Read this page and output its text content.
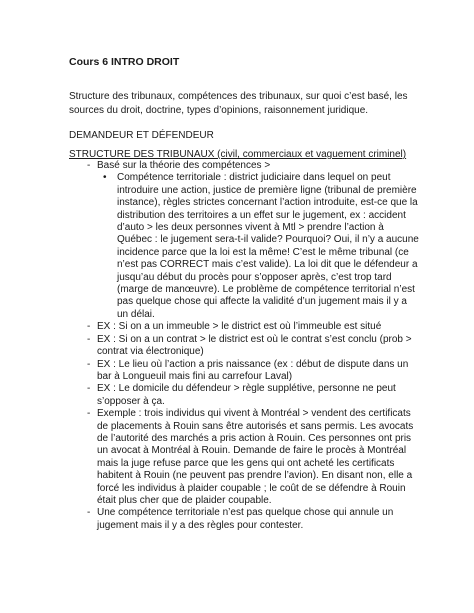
Cours 6 INTRO DROIT
Structure des tribunaux, compétences des tribunaux, sur quoi c’est basé, les sources du droit, doctrine, types d’opinions, raisonnement juridique.
DEMANDEUR ET DÉFENDEUR
STRUCTURE DES TRIBUNAUX (civil, commerciaux et vaguement criminel)
- Basé sur la théorie des compétences >
• Compétence territoriale : district judiciaire dans lequel on peut introduire une action, justice de première ligne (tribunal de première instance), règles strictes concernant l’action introduite, est-ce que la distribution des territoires a un effet sur le jugement, ex : accident d’auto > les deux personnes vivent à Mtl > prendre l’action à Québec : le jugement sera-t-il valide? Pourquoi? Oui, il n’y a aucune incidence parce que la loi est la même! C’est le même tribunal (ce n’est pas CORRECT mais c’est valide). La loi dit que le défendeur a jusqu’au début du procès pour s’opposer après, c’est trop tard (marge de manœuvre). Le problème de compétence territorial n’est pas quelque chose qui affecte la validité d’un jugement mais il y a un délai.
- EX : Si on a un immeuble > le district est où l’immeuble est situé
- EX : Si on a un contrat > le district est où le contrat s’est conclu (prob > contrat via électronique)
- EX : Le lieu où l’action a pris naissance (ex : début de dispute dans un bar à Longueuil mais fini au carrefour Laval)
- EX : Le domicile du défendeur > règle supplétive, personne ne peut s’opposer à ça.
- Exemple : trois individus qui vivent à Montréal > vendent des certificats de placements à Rouin sans être autorisés et sans permis. Les avocats de l’autorité des marchés a pris action à Rouin. Ces personnes ont pris un avocat à Montréal à Rouin. Demande de faire le procès à Montréal mais la juge refuse parce que les gens qui ont acheté les certificats habitent à Rouin (ne peuvent pas prendre l’avion). En disant non, elle a forcé les individus à plaider coupable ; le coût de se défendre à Rouin était plus cher que de plaider coupable.
- Une compétence territoriale n’est pas quelque chose qui annule un jugement mais il y a des règles pour contester.
